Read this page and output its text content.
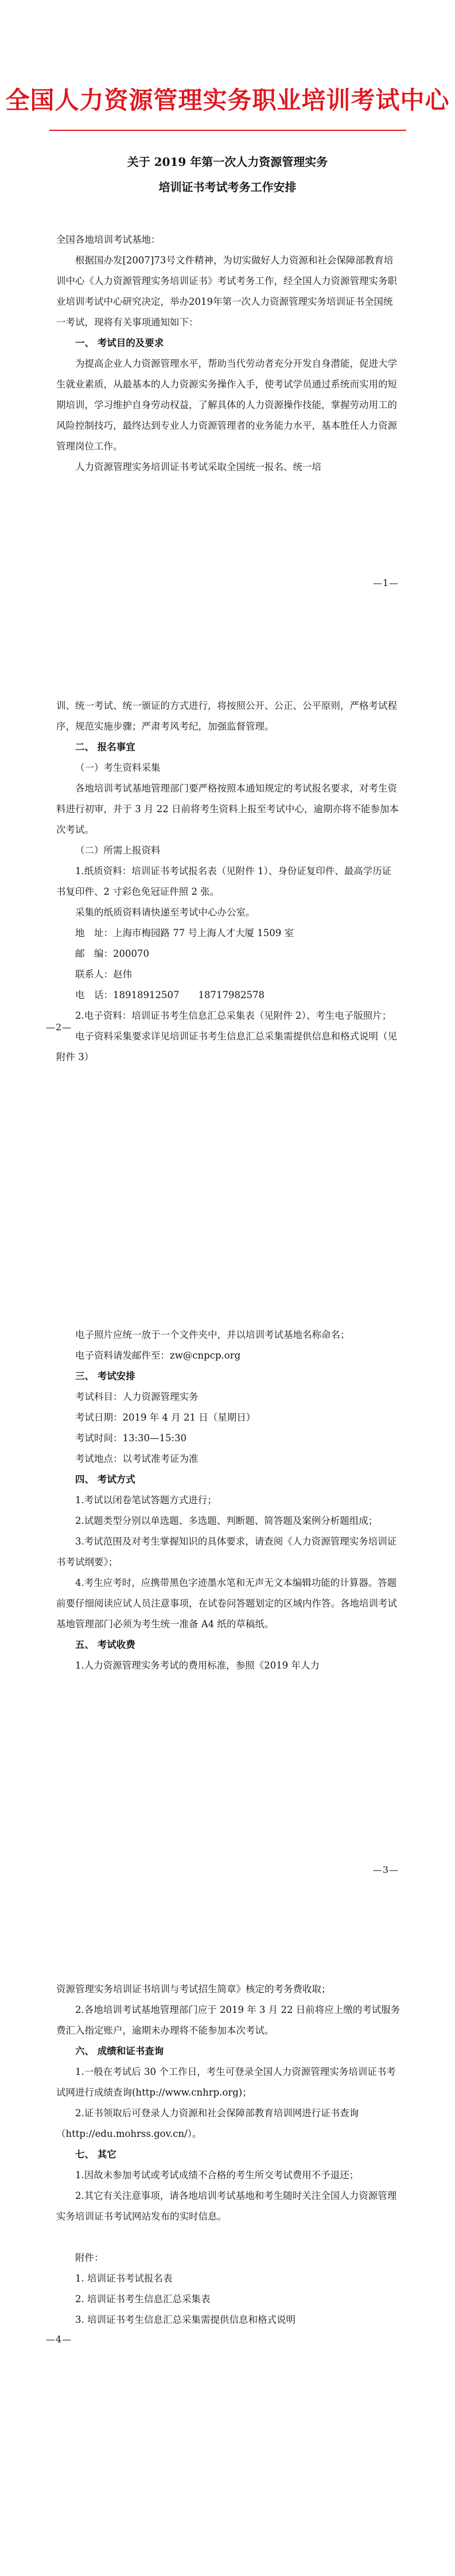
全国人力资源管理实务职业培训考试中心
关于 2019 年第一次人力资源管理实务
培训证书考试考务工作安排

全国各地培训考试基地：

根据国办发[2007]73号文件精神，为切实做好人力资源和社会保障部教育培训中心《人力资源管理实务培训证书》考试考务工作，经全国人力资源管理实务职业培训考试中心研究决定，举办2019年第一次人力资源管理实务培训证书全国统一考试，现将有关事项通知如下：

一、 考试目的及要求

为提高企业人力资源管理水平，帮助当代劳动者充分开发自身潜能，促进大学生就业素质，从最基本的人力资源实务操作入手，使考试学员通过系统而实用的短期培训，学习维护自身劳动权益，了解具体的人力资源操作技能，掌握劳动用工的风险控制技巧，最终达到专业人力资源管理者的业务能力水平，基本胜任人力资源管理岗位工作。

人力资源管理实务培训证书考试采取全国统一报名、统一培

—1—

训、统一考试、统一颁证的方式进行，将按照公开、公正、公平原则，严格考试程序，规范实施步骤；严肃考风考纪，加强监督管理。

二、 报名事宜

（一）考生资料采集

各地培训考试基地管理部门要严格按照本通知规定的考试报名要求，对考生资料进行初审，并于 3 月 22 日前将考生资料上报至考试中心，逾期亦将不能参加本次考试。

（二）所需上报资料

1.纸质资料：培训证书考试报名表（见附件 1）、身份证复印件、最高学历证书复印件、2 寸彩色免冠证件照 2 张。

采集的纸质资料请快递至考试中心办公室。

地　址：上海市梅园路 77 号上海人才大厦 1509 室

邮　编：200070

联系人：赵伟

电　话：18918912507　　18717982578

2.电子资料：培训证书考生信息汇总采集表（见附件 2）、考生电子版照片；

电子资料采集要求详见培训证书考生信息汇总采集需提供信息和格式说明（见附件 3）

—2—

电子照片应统一放于一个文件夹中，并以培训考试基地名称命名；

电子资料请发邮件至：zw@cnpcp.org

三、 考试安排

考试科目：人力资源管理实务

考试日期：2019 年 4 月 21 日（星期日）

考试时间：13:30—15:30

考试地点：以考试准考证为准

四、 考试方式

1.考试以闭卷笔试答题方式进行；

2.试题类型分别以单选题、多选题、判断题、简答题及案例分析题组成；

3.考试范围及对考生掌握知识的具体要求，请查阅《人力资源管理实务培训证书考试纲要》；

4.考生应考时，应携带黑色字迹墨水笔和无声无文本编辑功能的计算器。答题前要仔细阅读应试人员注意事项，在试卷问答题划定的区域内作答。各地培训考试基地管理部门必须为考生统一准备 A4 纸的草稿纸。

五、 考试收费

1.人力资源管理实务考试的费用标准，参照《2019 年人力

—3—

资源管理实务培训证书培训与考试招生简章》核定的考务费收取；

2.各地培训考试基地管理部门应于 2019 年 3 月 22 日前将应上缴的考试服务费汇入指定账户，逾期未办理将不能参加本次考试。

六、 成绩和证书查询

1.一般在考试后 30 个工作日，考生可登录全国人力资源管理实务培训证书考试网进行成绩查询(http://www.cnhrp.org)；

2.证书领取后可登录人力资源和社会保障部教育培训网进行证书查询（http://edu.mohrss.gov.cn/）。

七、 其它

1.因故未参加考试或考试成绩不合格的考生所交考试费用不予退还；

2.其它有关注意事项，请各地培训考试基地和考生随时关注全国人力资源管理实务培训证书考试网站发布的实时信息。

附件：

1. 培训证书考试报名表

2. 培训证书考生信息汇总采集表

3. 培训证书考生信息汇总采集需提供信息和格式说明

—4—
